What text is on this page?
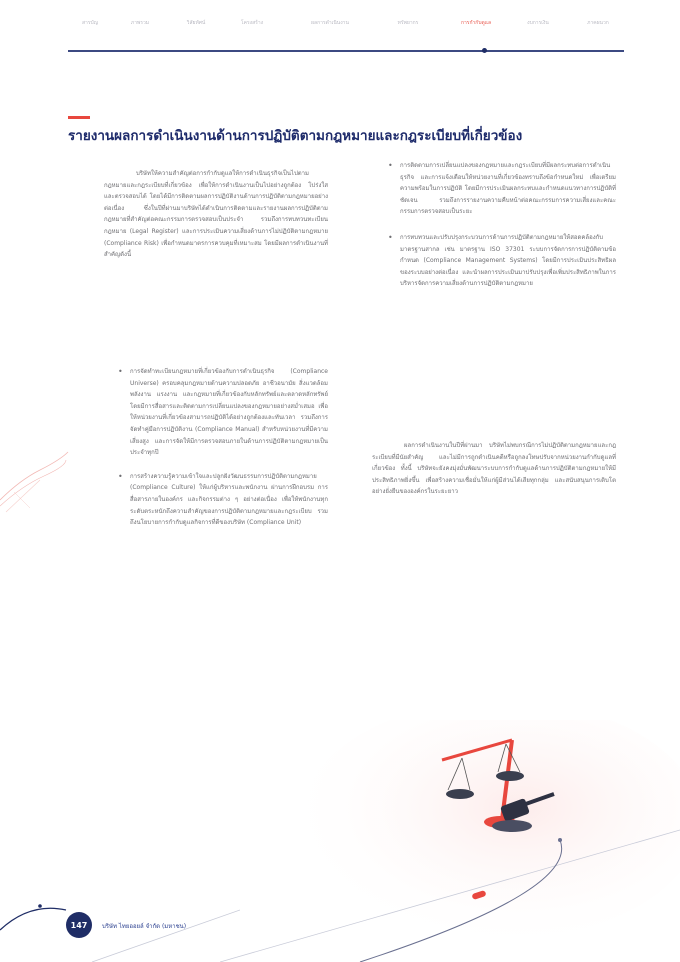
สารบัญ	ภาพรวม	วิสัยทัศน์	โครงสร้าง	ผลการดำเนินงาน	ทรัพยากร	การกำกับดูแล	งบการเงิน	ภาคผนวก
รายงานผลการดำเนินงานด้านการปฏิบัติตามกฎหมายและกฎระเบียบที่เกี่ยวข้อง

บริษัทให้ความสำคัญต่อการกำกับดูแลให้การดำเนินธุรกิจเป็นไปตามกฎหมายและกฎระเบียบที่เกี่ยวข้อง เพื่อให้การดำเนินงานเป็นไปอย่างถูกต้อง โปร่งใส และตรวจสอบได้ โดยได้มีการติดตามผลการปฏิบัติงานด้านการปฏิบัติตามกฎหมายอย่างต่อเนื่อง ซึ่งในปีที่ผ่านมาบริษัทได้ดำเนินการติดตามและรายงานผลการปฏิบัติตามกฎหมายที่สำคัญต่อคณะกรรมการตรวจสอบเป็นประจำ รวมถึงการทบทวนทะเบียนกฎหมาย (Legal Register) และการประเมินความเสี่ยงด้านการไม่ปฏิบัติตามกฎหมาย (Compliance Risk) เพื่อกำหนดมาตรการควบคุมที่เหมาะสม โดยมีผลการดำเนินงานที่สำคัญดังนี้

• การจัดทำทะเบียนกฎหมายที่เกี่ยวข้องกับการดำเนินธุรกิจ (Compliance Universe) ครอบคลุมกฎหมายด้านความปลอดภัย อาชีวอนามัย สิ่งแวดล้อม พลังงาน แรงงาน และกฎหมายที่เกี่ยวข้องกับหลักทรัพย์และตลาดหลักทรัพย์ โดยมีการสื่อสารและติดตามการเปลี่ยนแปลงของกฎหมายอย่างสม่ำเสมอ เพื่อให้หน่วยงานที่เกี่ยวข้องสามารถปฏิบัติได้อย่างถูกต้องและทันเวลา รวมถึงการจัดทำคู่มือการปฏิบัติงาน (Compliance Manual) สำหรับหน่วยงานที่มีความเสี่ยงสูง และการจัดให้มีการตรวจสอบภายในด้านการปฏิบัติตามกฎหมายเป็นประจำทุกปี
• การสร้างความรู้ความเข้าใจและปลูกฝังวัฒนธรรมการปฏิบัติตามกฎหมาย (Compliance Culture) ให้แก่ผู้บริหารและพนักงาน ผ่านการฝึกอบรม การสื่อสารภายในองค์กร และกิจกรรมต่าง ๆ อย่างต่อเนื่อง เพื่อให้พนักงานทุกระดับตระหนักถึงความสำคัญของการปฏิบัติตามกฎหมายและกฎระเบียบ รวมถึงนโยบายการกำกับดูแลกิจการที่ดีของบริษัท (Compliance Unit)
• การติดตามการเปลี่ยนแปลงของกฎหมายและกฎระเบียบที่มีผลกระทบต่อการดำเนินธุรกิจ และการแจ้งเตือนให้หน่วยงานที่เกี่ยวข้องทราบถึงข้อกำหนดใหม่ เพื่อเตรียมความพร้อมในการปฏิบัติ โดยมีการประเมินผลกระทบและกำหนดแนวทางการปฏิบัติที่ชัดเจน รวมถึงการรายงานความคืบหน้าต่อคณะกรรมการความเสี่ยงและคณะกรรมการตรวจสอบเป็นระยะ
• การทบทวนและปรับปรุงกระบวนการด้านการปฏิบัติตามกฎหมายให้สอดคล้องกับมาตรฐานสากล เช่น มาตรฐาน ISO 37301 ระบบการจัดการการปฏิบัติตามข้อกำหนด (Compliance Management Systems) โดยมีการประเมินประสิทธิผลของระบบอย่างต่อเนื่อง และนำผลการประเมินมาปรับปรุงเพื่อเพิ่มประสิทธิภาพในการบริหารจัดการความเสี่ยงด้านการปฏิบัติตามกฎหมาย

ผลการดำเนินงานในปีที่ผ่านมา บริษัทไม่พบกรณีการไม่ปฏิบัติตามกฎหมายและกฎระเบียบที่มีนัยสำคัญ และไม่มีการถูกดำเนินคดีหรือถูกลงโทษปรับจากหน่วยงานกำกับดูแลที่เกี่ยวข้อง ทั้งนี้ บริษัทจะยังคงมุ่งมั่นพัฒนาระบบการกำกับดูแลด้านการปฏิบัติตามกฎหมายให้มีประสิทธิภาพยิ่งขึ้น เพื่อสร้างความเชื่อมั่นให้แก่ผู้มีส่วนได้เสียทุกกลุ่ม และสนับสนุนการเติบโตอย่างยั่งยืนขององค์กรในระยะยาว

147	บริษัท ไทยออยล์ จำกัด (มหาชน)
